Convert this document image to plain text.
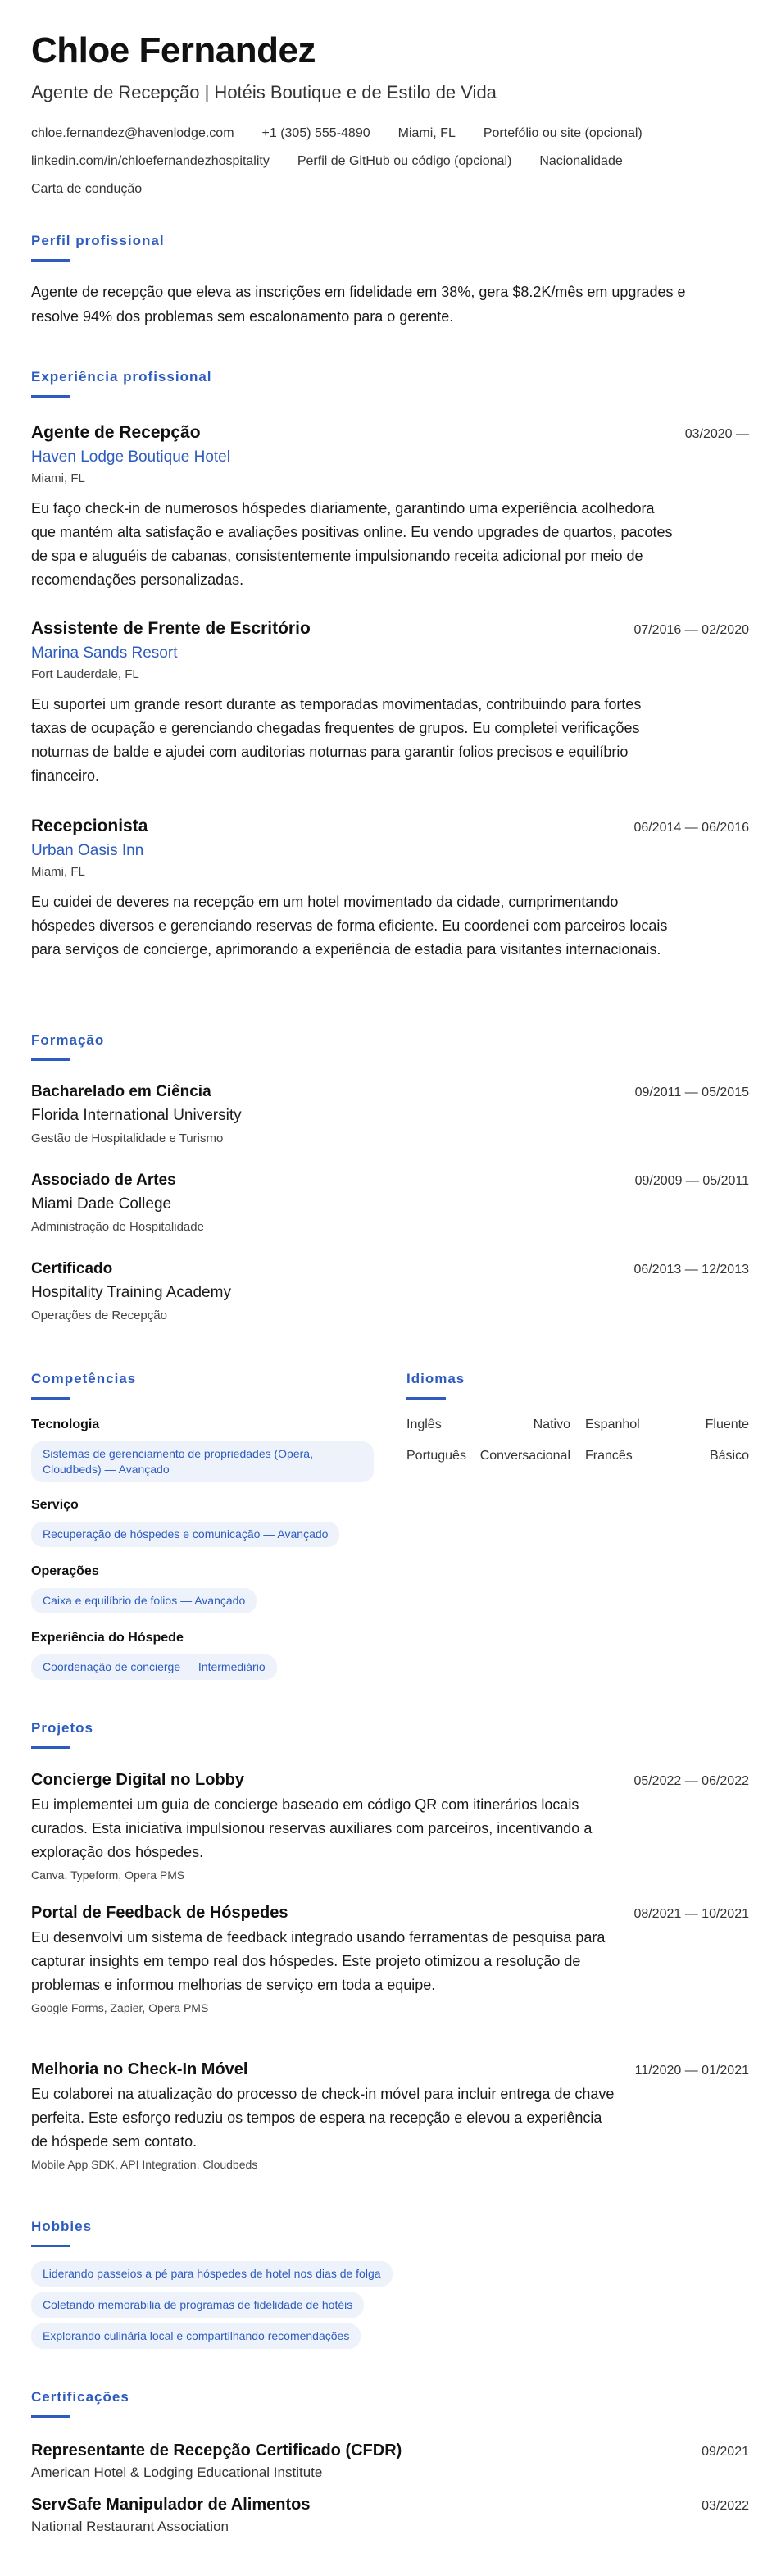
Chloe Fernandez
Agente de Recepção | Hotéis Boutique e de Estilo de Vida
chloe.fernandez@havenlodge.com +1 (305) 555-4890 Miami, FL Portefólio ou site (opcional)
linkedin.com/in/chloefernandezhospitality Perfil de GitHub ou código (opcional) Nacionalidade
Carta de condução
Perfil profissional
Agente de recepção que eleva as inscrições em fidelidade em 38%, gera $8.2K/mês em upgrades e resolve 94% dos problemas sem escalonamento para o gerente.
Experiência profissional
Agente de Recepção	03/2020 —
Haven Lodge Boutique Hotel
Miami, FL
Eu faço check-in de numerosos hóspedes diariamente, garantindo uma experiência acolhedora que mantém alta satisfação e avaliações positivas online. Eu vendo upgrades de quartos, pacotes de spa e aluguéis de cabanas, consistentemente impulsionando receita adicional por meio de recomendações personalizadas.
Assistente de Frente de Escritório	07/2016 — 02/2020
Marina Sands Resort
Fort Lauderdale, FL
Eu suportei um grande resort durante as temporadas movimentadas, contribuindo para fortes taxas de ocupação e gerenciando chegadas frequentes de grupos. Eu completei verificações noturnas de balde e ajudei com auditorias noturnas para garantir folios precisos e equilíbrio financeiro.
Recepcionista	06/2014 — 06/2016
Urban Oasis Inn
Miami, FL
Eu cuidei de deveres na recepção em um hotel movimentado da cidade, cumprimentando hóspedes diversos e gerenciando reservas de forma eficiente. Eu coordenei com parceiros locais para serviços de concierge, aprimorando a experiência de estadia para visitantes internacionais.
Formação
Bacharelado em Ciência	09/2011 — 05/2015
Florida International University
Gestão de Hospitalidade e Turismo
Associado de Artes	09/2009 — 05/2011
Miami Dade College
Administração de Hospitalidade
Certificado	06/2013 — 12/2013
Hospitality Training Academy
Operações de Recepção
Competências
Tecnologia
Sistemas de gerenciamento de propriedades (Opera, Cloudbeds) — Avançado
Serviço
Recuperação de hóspedes e comunicação — Avançado
Operações
Caixa e equilíbrio de folios — Avançado
Experiência do Hóspede
Coordenação de concierge — Intermediário
Idiomas
Inglês	Nativo Espanhol	Fluente
Português	Conversacional Francês	Básico
Projetos
Concierge Digital no Lobby	05/2022 — 06/2022
Eu implementei um guia de concierge baseado em código QR com itinerários locais curados. Esta iniciativa impulsionou reservas auxiliares com parceiros, incentivando a exploração dos hóspedes.
Canva, Typeform, Opera PMS
Portal de Feedback de Hóspedes	08/2021 — 10/2021
Eu desenvolvi um sistema de feedback integrado usando ferramentas de pesquisa para capturar insights em tempo real dos hóspedes. Este projeto otimizou a resolução de problemas e informou melhorias de serviço em toda a equipe.
Google Forms, Zapier, Opera PMS
Melhoria no Check-In Móvel	11/2020 — 01/2021
Eu colaborei na atualização do processo de check-in móvel para incluir entrega de chave perfeita. Este esforço reduziu os tempos de espera na recepção e elevou a experiência de hóspede sem contato.
Mobile App SDK, API Integration, Cloudbeds
Hobbies
Liderando passeios a pé para hóspedes de hotel nos dias de folga
Coletando memorabilia de programas de fidelidade de hotéis
Explorando culinária local e compartilhando recomendações
Certificações
Representante de Recepção Certificado (CFDR)	09/2021
American Hotel & Lodging Educational Institute
ServSafe Manipulador de Alimentos	03/2022
National Restaurant Association
